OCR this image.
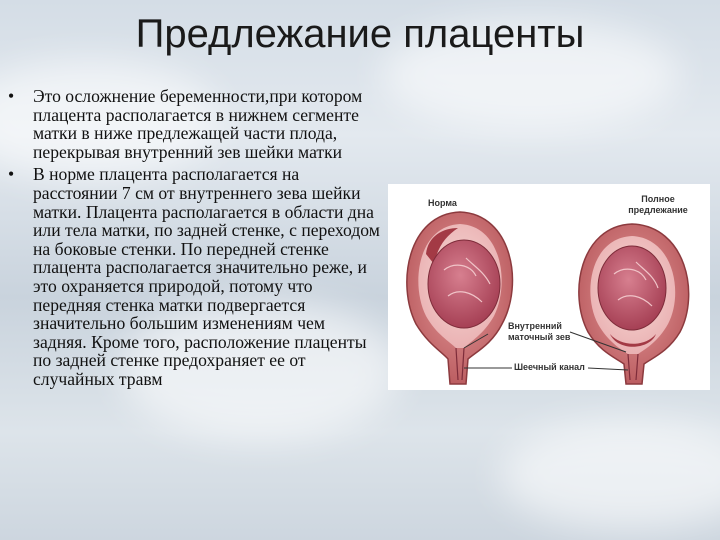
Предлежание плаценты
• Это осложнение беременности,при котором плацента располагается в нижнем сегменте матки в ниже предлежащей части плода, перекрывая внутренний зев шейки матки
• В норме плацента располагается на расстоянии 7 см от внутреннего зева шейки матки. Плацента располагается в области дна или тела матки, по задней стенке, с переходом на боковые стенки. По передней стенке плацента располагается значительно реже, и это охраняется природой, потому что передняя стенка матки подвергается значительно большим изменениям чем задняя. Кроме того, расположение плаценты по задней стенке предохраняет ее от случайных травм
Норма	Полное
предлежание
Внутренний
маточный зев
Шеечный канал
